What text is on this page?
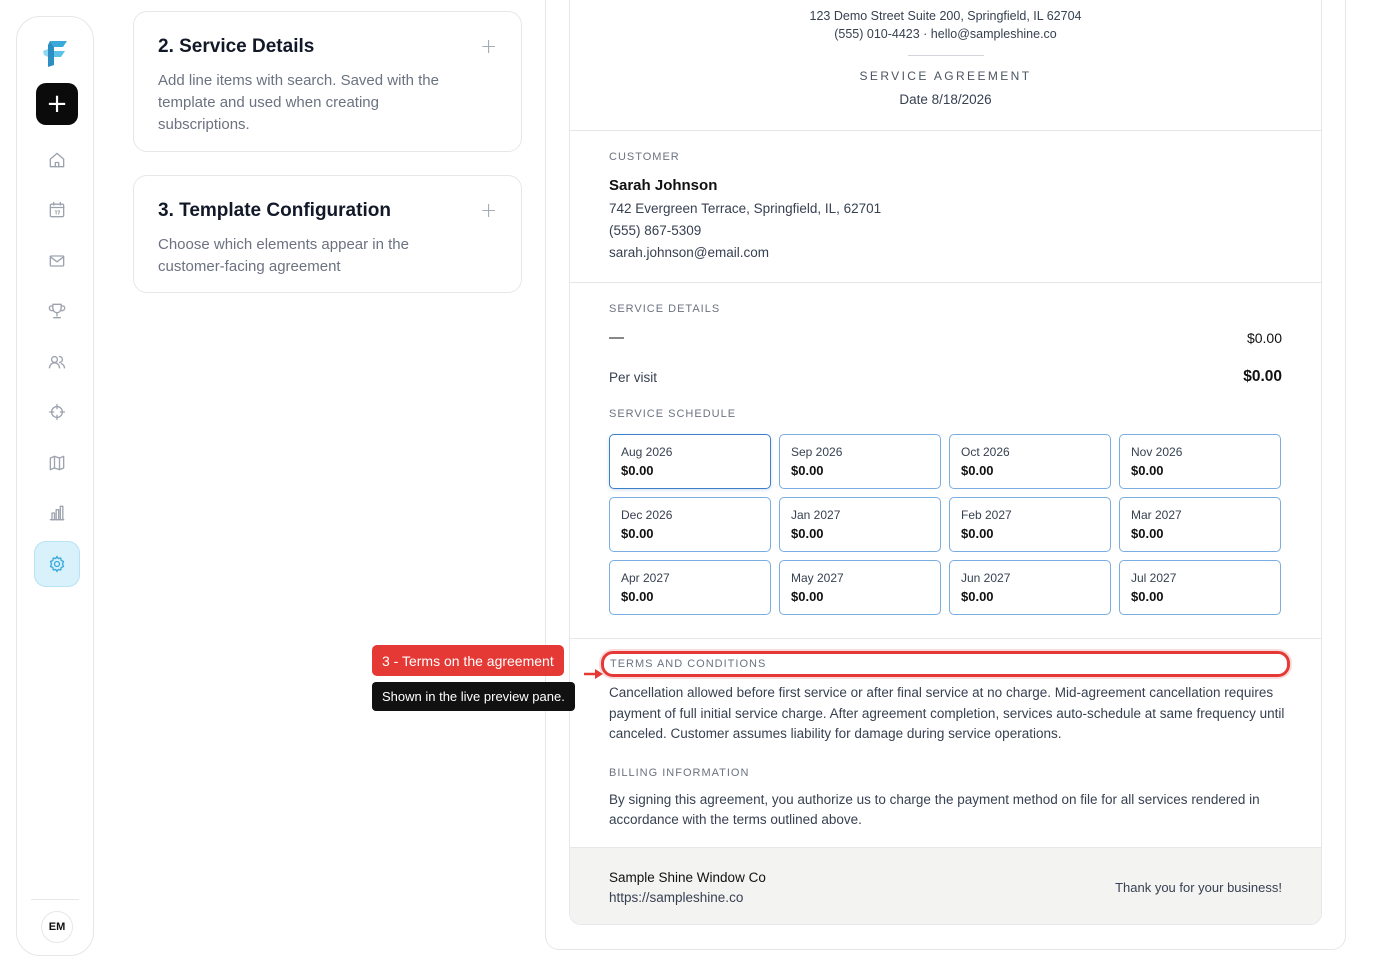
+
EM
2. Service Details
Add line items with search. Saved with the template and used when creating subscriptions.
+
3. Template Configuration
Choose which elements appear in the customer-facing agreement
+
123 Demo Street Suite 200, Springfield, IL 62704
(555) 010-4423 · hello@sampleshine.co
SERVICE AGREEMENT
Date 8/18/2026
CUSTOMER
Sarah Johnson
742 Evergreen Terrace, Springfield, IL, 62701
(555) 867-5309
sarah.johnson@email.com
SERVICE DETAILS
—	$0.00
Per visit	$0.00
SERVICE SCHEDULE
Aug 2026
$0.00
Sep 2026
$0.00
Oct 2026
$0.00
Nov 2026
$0.00
Dec 2026
$0.00
Jan 2027
$0.00
Feb 2027
$0.00
Mar 2027
$0.00
Apr 2027
$0.00
May 2027
$0.00
Jun 2027
$0.00
Jul 2027
$0.00
TERMS AND CONDITIONS
Cancellation allowed before first service or after final service at no charge. Mid-agreement cancellation requires payment of full initial service charge. After agreement completion, services auto-schedule at same frequency until canceled. Customer assumes liability for damage during service operations.
BILLING INFORMATION
By signing this agreement, you authorize us to charge the payment method on file for all services rendered in accordance with the terms outlined above.
Sample Shine Window Co
https://sampleshine.co
Thank you for your business!
3 - Terms on the agreement
Shown in the live preview pane.
